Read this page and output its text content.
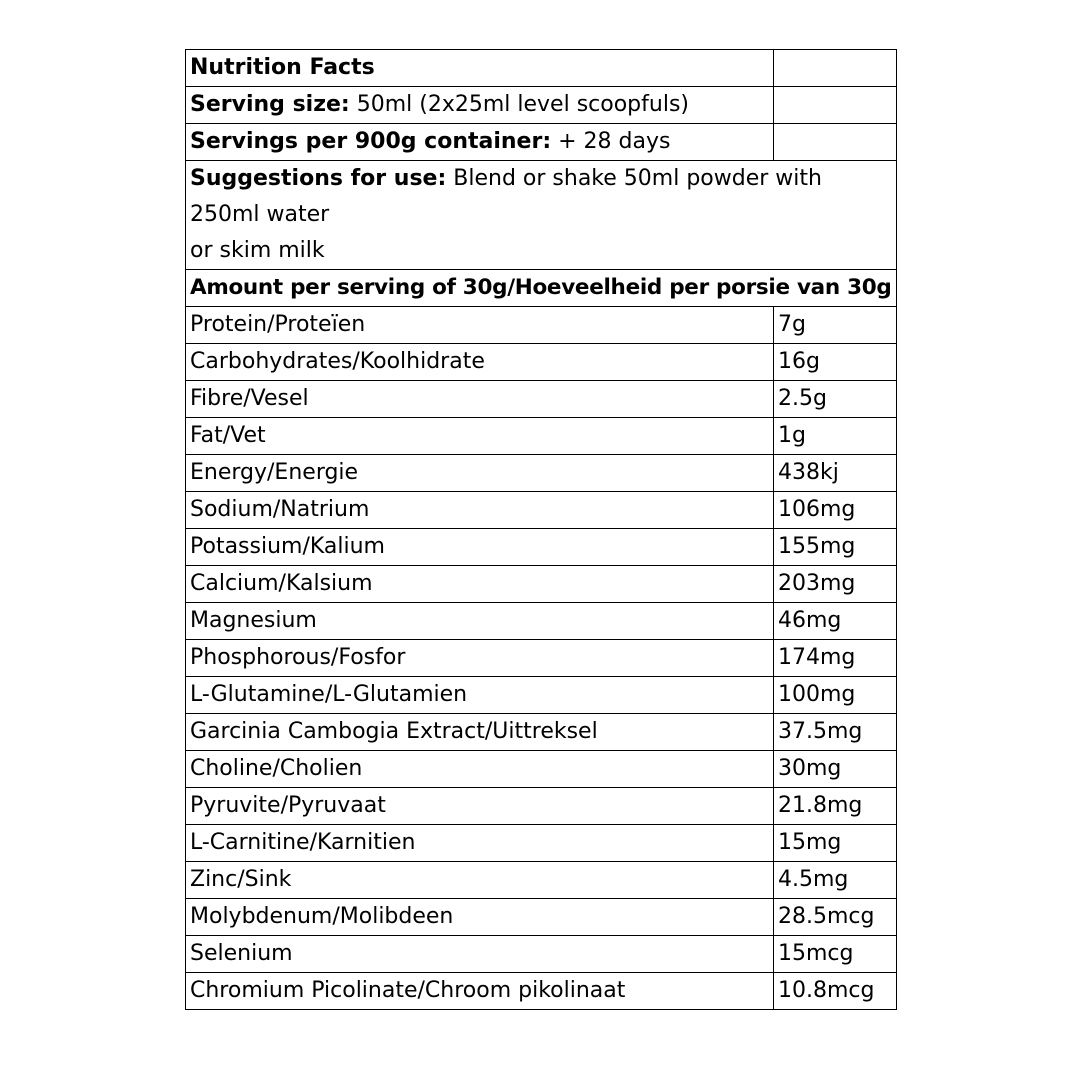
Nutrition Facts	
Serving size: 50ml (2x25ml level scoopfuls)	
Servings per 900g container: + 28 days	

Suggestions for use: Blend or shake 50ml powder with
250ml water
or skim milk	

Amount per serving of 30g/Hoeveelheid per porsie van 30g	
Protein/Proteïen	7g
Carbohydrates/Koolhidrate	16g
Fibre/Vesel	2.5g
Fat/Vet	1g
Energy/Energie	438kj
Sodium/Natrium	106mg
Potassium/Kalium	155mg
Calcium/Kalsium	203mg
Magnesium	46mg
Phosphorous/Fosfor	174mg
L-Glutamine/L-Glutamien	100mg
Garcinia Cambogia Extract/Uittreksel	37.5mg
Choline/Cholien	30mg
Pyruvite/Pyruvaat	21.8mg
L-Carnitine/Karnitien	15mg
Zinc/Sink	4.5mg
Molybdenum/Molibdeen	28.5mcg
Selenium	15mcg
Chromium Picolinate/Chroom pikolinaat	10.8mcg
